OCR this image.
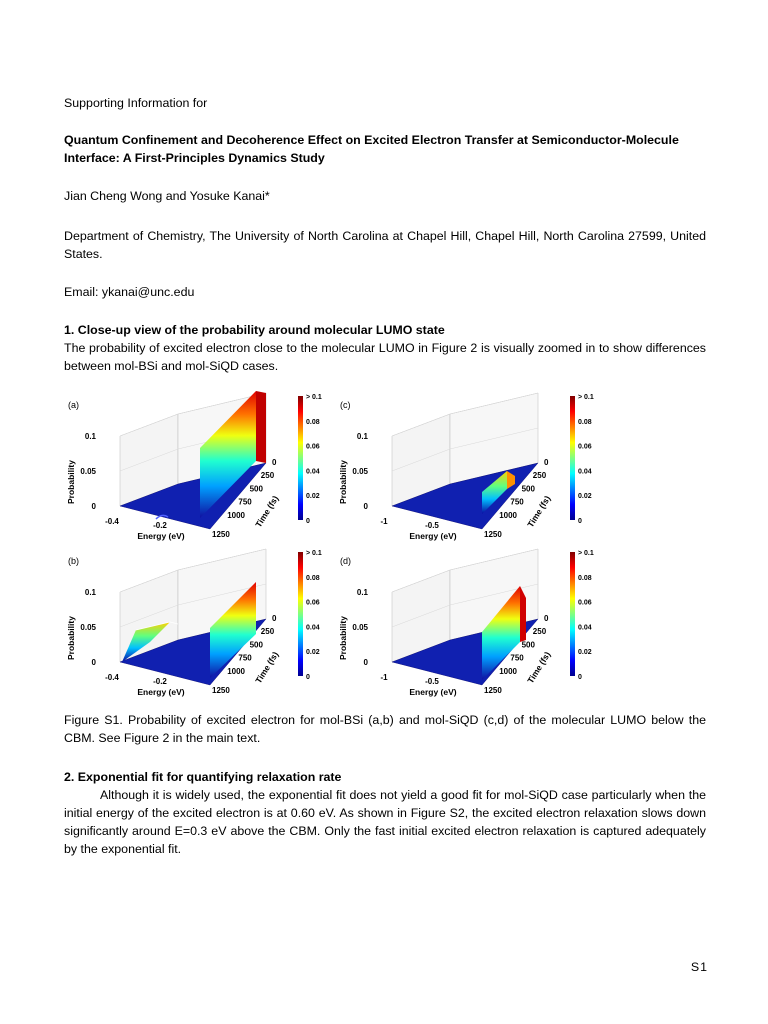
Supporting Information for
Quantum Confinement and Decoherence Effect on Excited Electron Transfer at Semiconductor-Molecule Interface: A First-Principles Dynamics Study
Jian Cheng Wong and Yosuke Kanai*
Department of Chemistry, The University of North Carolina at Chapel Hill, Chapel Hill, North Carolina 27599, United States.
Email: ykanai@unc.edu
1. Close-up view of the probability around molecular LUMO state
The probability of excited electron close to the molecular LUMO in Figure 2 is visually zoomed in to show differences between mol-BSi and mol-SiQD cases.
(a)
0
0.05
0.1
Probability
-0.4	-0.2
Energy (eV)
0
250
500
750
1000
1250
Time (fs)
> 0.1
0.08
0.06
0.04
0.02
0
(b)
0
0.05
0.1
Probability
-0.4	-0.2
Energy (eV)
0
250
500
750
1000
1250
Time (fs)
> 0.1
0.08
0.06
0.04
0.02
0
(c)
0
0.05
0.1
Probability
-1	-0.5
Energy (eV)
0
250
500
750
1000
1250
Time (fs)
> 0.1
0.08
0.06
0.04
0.02
0
(d)
0
0.05
0.1
Probability
-1	-0.5
Energy (eV)
0
250
500
750
1000
1250
Time (fs)
> 0.1
0.08
0.06
0.04
0.02
0
Figure S1. Probability of excited electron for mol-BSi (a,b) and mol-SiQD (c,d) of the molecular LUMO below the CBM. See Figure 2 in the main text.
2. Exponential fit for quantifying relaxation rate
Although it is widely used, the exponential fit does not yield a good fit for mol-SiQD case particularly when the initial energy of the excited electron is at 0.60 eV. As shown in Figure S2, the excited electron relaxation slows down significantly around E=0.3 eV above the CBM. Only the fast initial excited electron relaxation is captured adequately by the exponential fit.
S1
